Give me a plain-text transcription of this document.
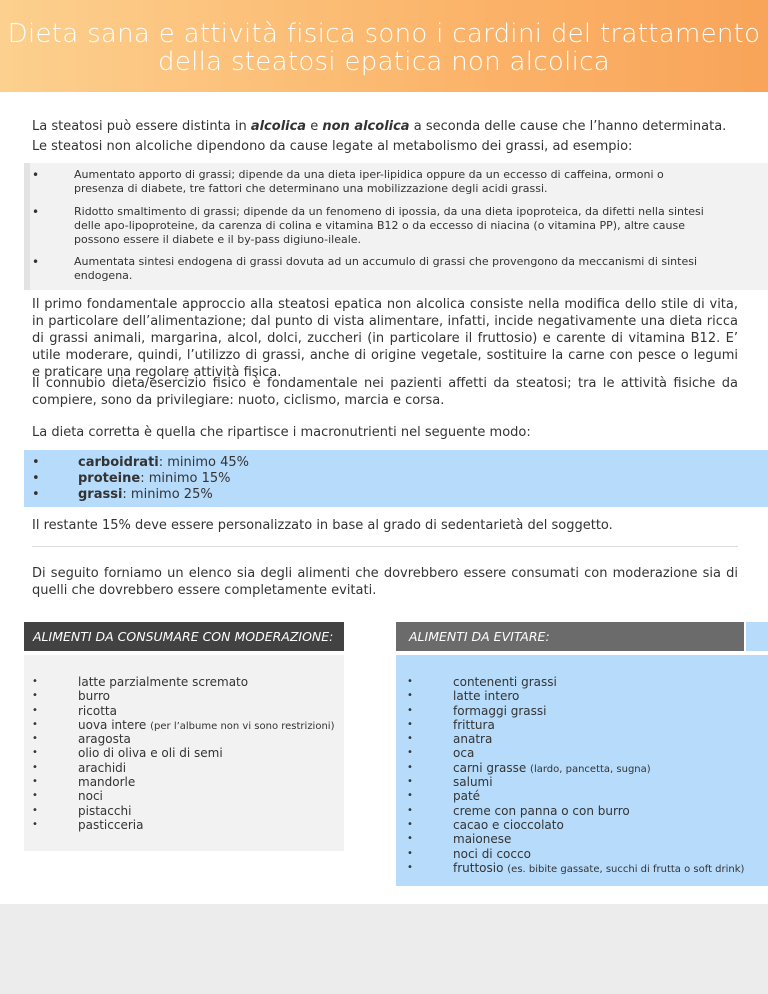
Dieta sana e attività fisica sono i cardini del trattamento
della steatosi epatica non alcolica
La steatosi può essere distinta in alcolica e non alcolica a seconda delle cause che l’hanno determinata.
Le steatosi non alcoliche dipendono da cause legate al metabolismo dei grassi, ad esempio:
•	Aumentato apporto di grassi; dipende da una dieta iper-lipidica oppure da un eccesso di caffeina, ormoni o presenza di diabete, tre fattori che determinano una mobilizzazione degli acidi grassi.
•	Ridotto smaltimento di grassi; dipende da un fenomeno di ipossia, da una dieta ipoproteica, da difetti nella sintesi delle apo-lipoproteine, da carenza di colina e vitamina B12 o da eccesso di niacina (o vitamina PP), altre cause possono essere il diabete e il by-pass digiuno-ileale.
•	Aumentata sintesi endogena di grassi dovuta ad un accumulo di grassi che provengono da meccanismi di sintesi endogena.
Il primo fondamentale approccio alla steatosi epatica non alcolica consiste nella modifica dello stile di vita, in particolare dell’alimentazione; dal punto di vista alimentare, infatti, incide negativamente una dieta ricca di grassi animali, margarina, alcol, dolci, zuccheri (in particolare il fruttosio) e carente di vitamina B12. E’ utile moderare, quindi, l’utilizzo di grassi, anche di origine vegetale, sostituire la carne con pesce o legumi e praticare una regolare attività fisica.
Il connubio dieta/esercizio fisico è fondamentale nei pazienti affetti da steatosi; tra le attività fisiche da compiere, sono da privilegiare: nuoto, ciclismo, marcia e corsa.
La dieta corretta è quella che ripartisce i macronutrienti nel seguente modo:
•	carboidrati: minimo 45%
•	proteine: minimo 15%
•	grassi: minimo 25%
Il restante 15% deve essere personalizzato in base al grado di sedentarietà del soggetto.
Di seguito forniamo un elenco sia degli alimenti che dovrebbero essere consumati con moderazione sia di quelli che dovrebbero essere completamente evitati.
ALIMENTI DA CONSUMARE CON MODERAZIONE:	ALIMENTI DA EVITARE:
•	latte parzialmente scremato
•	burro
•	ricotta
•	uova intere (per l’albume non vi sono restrizioni)
•	aragosta
•	olio di oliva e oli di semi
•	arachidi
•	mandorle
•	noci
•	pistacchi
•	pasticceria
•	contenenti grassi
•	latte intero
•	formaggi grassi
•	frittura
•	anatra
•	oca
•	carni grasse (lardo, pancetta, sugna)
•	salumi
•	paté
•	creme con panna o con burro
•	cacao e cioccolato
•	maionese
•	noci di cocco
•	fruttosio (es. bibite gassate, succhi di frutta o soft drink)
